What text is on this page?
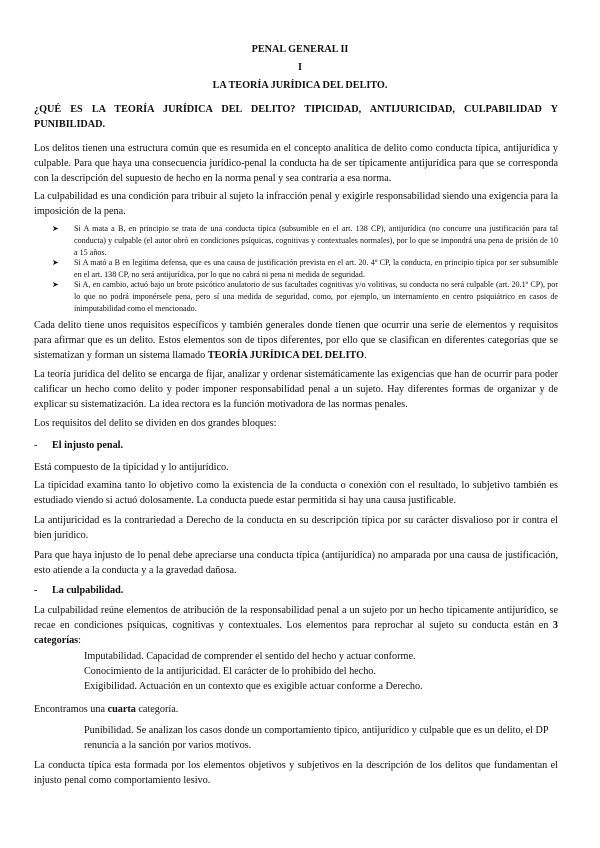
PENAL GENERAL II
I
LA TEORÍA JURÍDICA DEL DELITO.
¿QUÉ ES LA TEORÍA JURÍDICA DEL DELITO? TIPICIDAD, ANTIJURICIDAD, CULPABILIDAD Y PUNIBILIDAD.
Los delitos tienen una estructura común que es resumida en el concepto analítica de delito como conducta típica, antijurídica y culpable. Para que haya una consecuencia jurídico-penal la conducta ha de ser típicamente antijurídica para que se corresponda con la descripción del supuesto de hecho en la norma penal y sea contraria a esa norma.
La culpabilidad es una condición para tribuir al sujeto la infracción penal y exigirle responsabilidad siendo una exigencia para la imposición de la pena.
➤ Si A mata a B, en principio se trata de una conducta típica (subsumible en el art. 138 CP), antijurídica (no concurre una justificación para tal conducta) y culpable (el autor obró en condiciones psíquicas, cognitivas y contextuales normales), por lo que se impondrá una pena de prisión de 10 a 15 años.
➤ Si A mató a B en legítima defensa, que es una causa de justificación prevista en el art. 20. 4º CP, la conducta, en principio típica por ser subsumible en el art. 138 CP, no será antijurídica, por lo que no cabrá ni pena ni medida de seguridad.
➤ Si A, en cambio, actuó bajo un brote psicótico anulatorio de sus facultades cognitivas y/o volitivas, su conducta no será culpable (art. 20.1º CP), por lo que no podrá imponérsele pena, pero sí una medida de seguridad, como, por ejemplo, un internamiento en centro psiquiátrico en casos de inimputabilidad como el mencionado.
Cada delito tiene unos requisitos específicos y también generales donde tienen que ocurrir una serie de elementos y requisitos para afirmar que es un delito. Estos elementos son de tipos diferentes, por ello que se clasifican en diferentes categorías que se sistematizan y forman un sistema llamado TEORÍA JURÍDICA DEL DELITO.
La teoría jurídica del delito se encarga de fijar, analizar y ordenar sistemáticamente las exigencias que han de ocurrir para poder calificar un hecho como delito y poder imponer responsabilidad penal a un sujeto. Hay diferentes formas de organizar y de explicar su sistematización. La idea rectora es la función motivadora de las normas penales.
Los requisitos del delito se dividen en dos grandes bloques:
- El injusto penal.
Está compuesto de la tipicidad y lo antijurídico.
La tipicidad examina tanto lo objetivo como la existencia de la conducta o conexión con el resultado, lo subjetivo también es estudiado viendo si actuó dolosamente. La conducta puede estar permitida si hay una causa justificable.
La antijuricidad es la contrariedad a Derecho de la conducta en su descripción típica por su carácter disvalioso por ir contra el bien jurídico.
Para que haya injusto de lo penal debe apreciarse una conducta típica (antijurídica) no amparada por una causa de justificación, esto atiende a la conducta y a la gravedad dañosa.
- La culpabilidad.
La culpabilidad reúne elementos de atribución de la responsabilidad penal a un sujeto por un hecho típicamente antijurídico, se recae en condiciones psíquicas, cognitivas y contextuales. Los elementos para reprochar al sujeto su conducta están en 3 categorías:
Imputabilidad. Capacidad de comprender el sentido del hecho y actuar conforme.
Conocimiento de la antijuricidad. El carácter de lo prohibido del hecho.
Exigibilidad. Actuación en un contexto que es exigible actuar conforme a Derecho.
Encontramos una cuarta categoría.
Punibilidad. Se analizan los casos donde un comportamiento típico, antijurídico y culpable que es un delito, el DP renuncia a la sanción por varios motivos.
La conducta típica esta formada por los elementos objetivos y subjetivos en la descripción de los delitos que fundamentan el injusto penal como comportamiento lesivo.
